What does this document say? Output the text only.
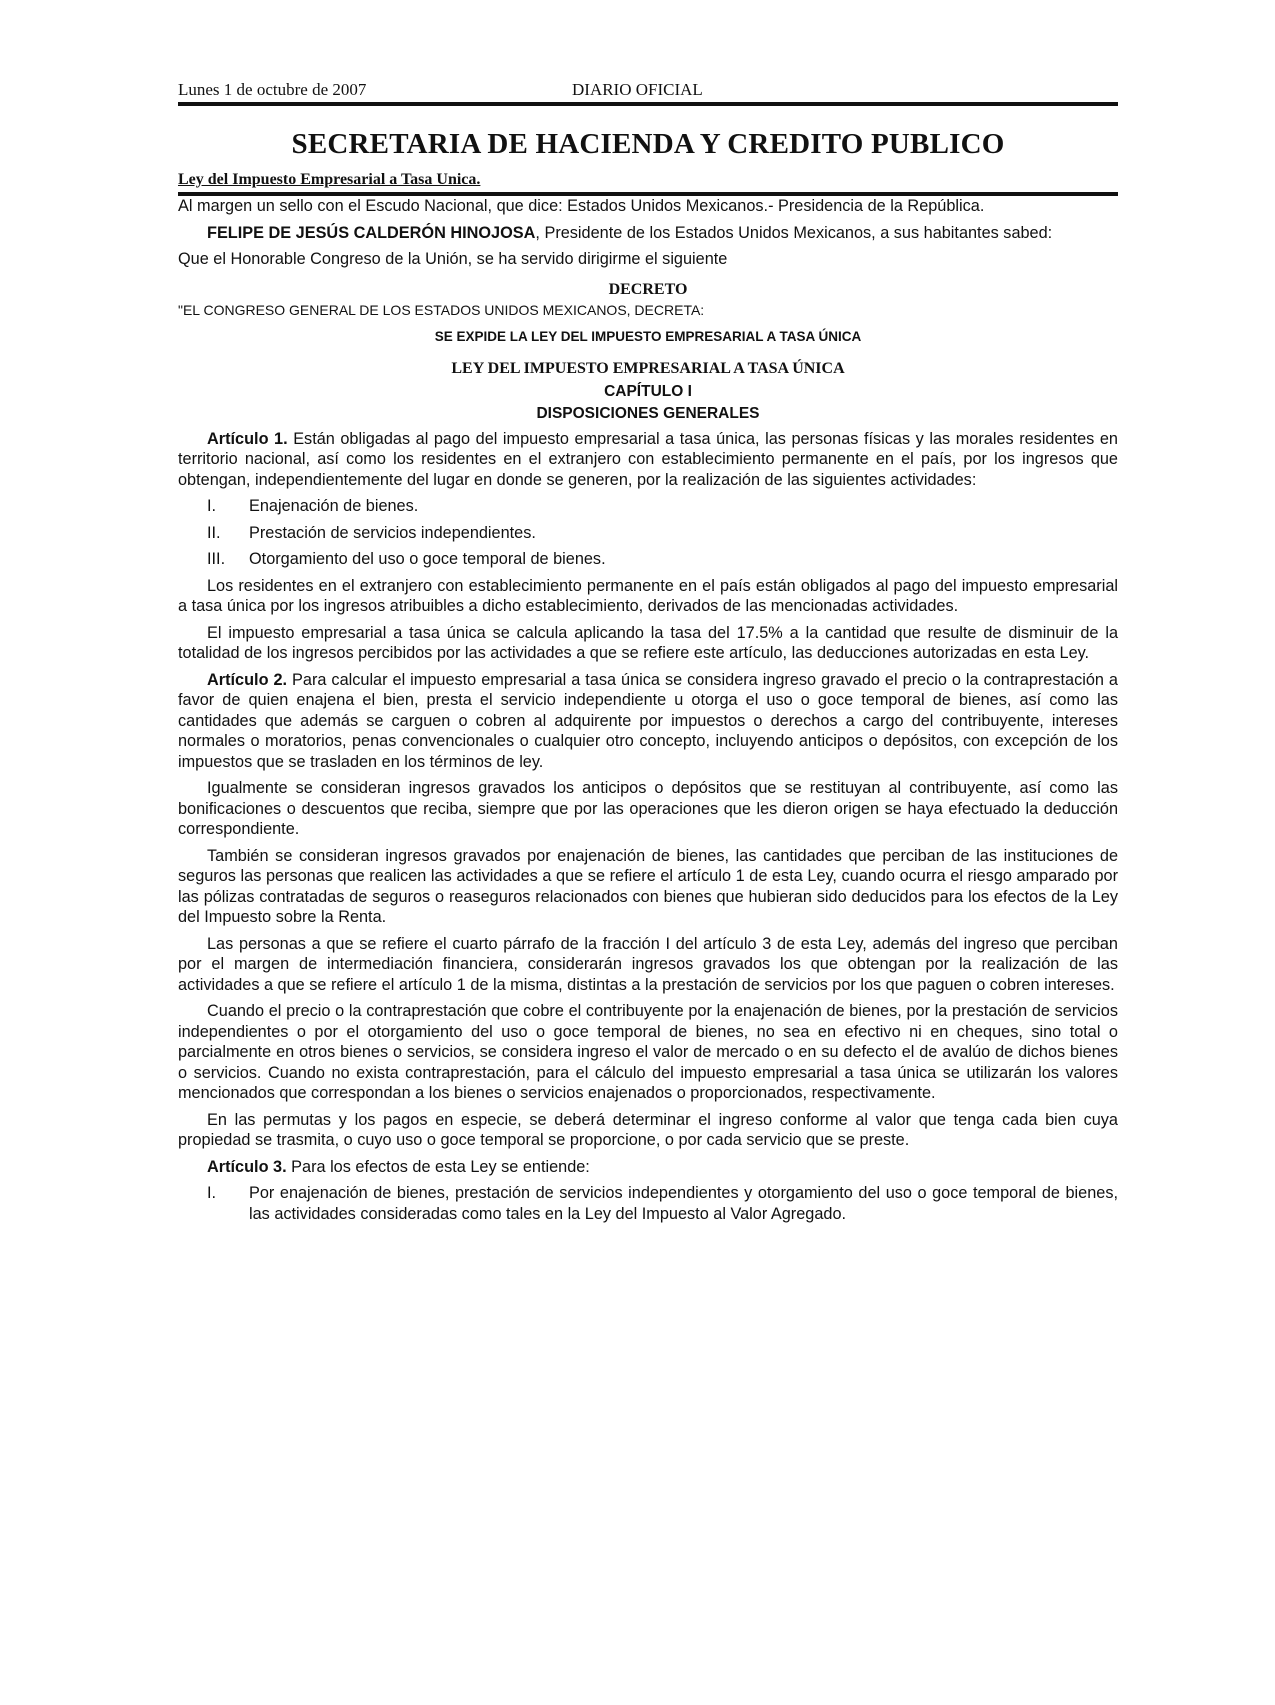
Lunes 1 de octubre de 2007	DIARIO OFICIAL
SECRETARIA DE HACIENDA Y CREDITO PUBLICO
Ley del Impuesto Empresarial a Tasa Unica.

Al margen un sello con el Escudo Nacional, que dice: Estados Unidos Mexicanos.- Presidencia de la República.

FELIPE DE JESÚS CALDERÓN HINOJOSA, Presidente de los Estados Unidos Mexicanos, a sus habitantes sabed:

Que el Honorable Congreso de la Unión, se ha servido dirigirme el siguiente

DECRETO

"EL CONGRESO GENERAL DE LOS ESTADOS UNIDOS MEXICANOS, DECRETA:

SE EXPIDE LA LEY DEL IMPUESTO EMPRESARIAL A TASA ÚNICA

LEY DEL IMPUESTO EMPRESARIAL A TASA ÚNICA

CAPÍTULO I

DISPOSICIONES GENERALES

Artículo 1. Están obligadas al pago del impuesto empresarial a tasa única, las personas físicas y las morales residentes en territorio nacional, así como los residentes en el extranjero con establecimiento permanente en el país, por los ingresos que obtengan, independientemente del lugar en donde se generen, por la realización de las siguientes actividades:

I.	Enajenación de bienes.
II.	Prestación de servicios independientes.
III.	Otorgamiento del uso o goce temporal de bienes.

Los residentes en el extranjero con establecimiento permanente en el país están obligados al pago del impuesto empresarial a tasa única por los ingresos atribuibles a dicho establecimiento, derivados de las mencionadas actividades.

El impuesto empresarial a tasa única se calcula aplicando la tasa del 17.5% a la cantidad que resulte de disminuir de la totalidad de los ingresos percibidos por las actividades a que se refiere este artículo, las deducciones autorizadas en esta Ley.

Artículo 2. Para calcular el impuesto empresarial a tasa única se considera ingreso gravado el precio o la contraprestación a favor de quien enajena el bien, presta el servicio independiente u otorga el uso o goce temporal de bienes, así como las cantidades que además se carguen o cobren al adquirente por impuestos o derechos a cargo del contribuyente, intereses normales o moratorios, penas convencionales o cualquier otro concepto, incluyendo anticipos o depósitos, con excepción de los impuestos que se trasladen en los términos de ley.

Igualmente se consideran ingresos gravados los anticipos o depósitos que se restituyan al contribuyente, así como las bonificaciones o descuentos que reciba, siempre que por las operaciones que les dieron origen se haya efectuado la deducción correspondiente.

También se consideran ingresos gravados por enajenación de bienes, las cantidades que perciban de las instituciones de seguros las personas que realicen las actividades a que se refiere el artículo 1 de esta Ley, cuando ocurra el riesgo amparado por las pólizas contratadas de seguros o reaseguros relacionados con bienes que hubieran sido deducidos para los efectos de la Ley del Impuesto sobre la Renta.

Las personas a que se refiere el cuarto párrafo de la fracción I del artículo 3 de esta Ley, además del ingreso que perciban por el margen de intermediación financiera, considerarán ingresos gravados los que obtengan por la realización de las actividades a que se refiere el artículo 1 de la misma, distintas a la prestación de servicios por los que paguen o cobren intereses.

Cuando el precio o la contraprestación que cobre el contribuyente por la enajenación de bienes, por la prestación de servicios independientes o por el otorgamiento del uso o goce temporal de bienes, no sea en efectivo ni en cheques, sino total o parcialmente en otros bienes o servicios, se considera ingreso el valor de mercado o en su defecto el de avalúo de dichos bienes o servicios. Cuando no exista contraprestación, para el cálculo del impuesto empresarial a tasa única se utilizarán los valores mencionados que correspondan a los bienes o servicios enajenados o proporcionados, respectivamente.

En las permutas y los pagos en especie, se deberá determinar el ingreso conforme al valor que tenga cada bien cuya propiedad se trasmita, o cuyo uso o goce temporal se proporcione, o por cada servicio que se preste.

Artículo 3. Para los efectos de esta Ley se entiende:

I.	Por enajenación de bienes, prestación de servicios independientes y otorgamiento del uso o goce temporal de bienes, las actividades consideradas como tales en la Ley del Impuesto al Valor Agregado.
